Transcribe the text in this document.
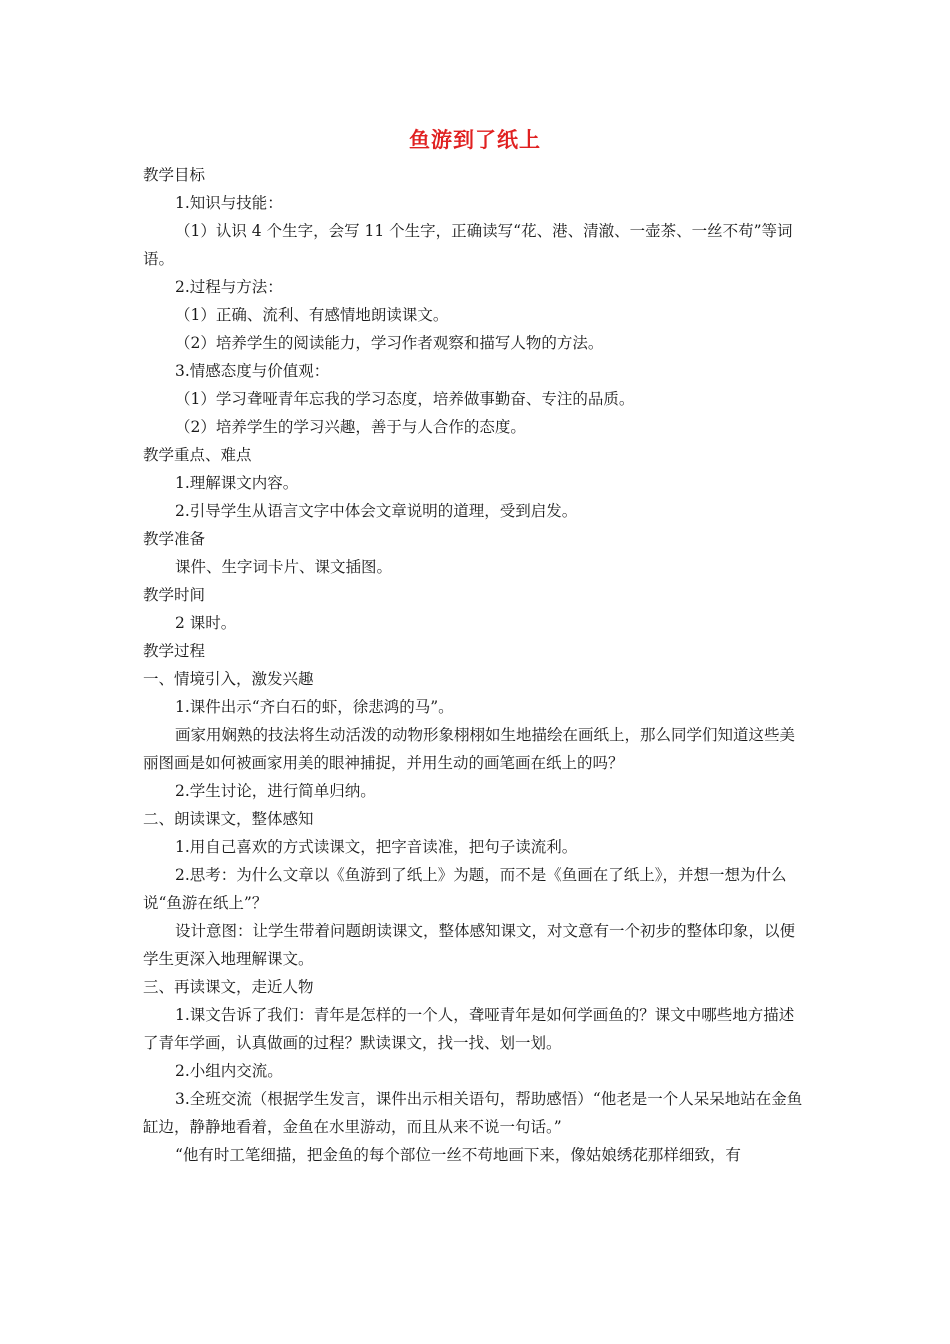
鱼游到了纸上

教学目标

1.知识与技能：

（1）认识 4 个生字，会写 11 个生字，正确读写“花、港、清澈、一壶茶、一丝不苟”等词语。

2.过程与方法：

（1）正确、流利、有感情地朗读课文。

（2）培养学生的阅读能力，学习作者观察和描写人物的方法。

3.情感态度与价值观：

（1）学习聋哑青年忘我的学习态度，培养做事勤奋、专注的品质。

（2）培养学生的学习兴趣，善于与人合作的态度。

教学重点、难点

1.理解课文内容。

2.引导学生从语言文字中体会文章说明的道理，受到启发。

教学准备

课件、生字词卡片、课文插图。

教学时间

2 课时。

教学过程

一、情境引入，激发兴趣

1.课件出示“齐白石的虾，徐悲鸿的马”。

画家用娴熟的技法将生动活泼的动物形象栩栩如生地描绘在画纸上，那么同学们知道这些美丽图画是如何被画家用美的眼神捕捉，并用生动的画笔画在纸上的吗？

2.学生讨论，进行简单归纳。

二、朗读课文，整体感知

1.用自己喜欢的方式读课文，把字音读准，把句子读流利。

2.思考：为什么文章以《鱼游到了纸上》为题，而不是《鱼画在了纸上》，并想一想为什么说“鱼游在纸上”？

设计意图：让学生带着问题朗读课文，整体感知课文，对文意有一个初步的整体印象，以便学生更深入地理解课文。

三、再读课文，走近人物

1.课文告诉了我们：青年是怎样的一个人，聋哑青年是如何学画鱼的？课文中哪些地方描述了青年学画，认真做画的过程？默读课文，找一找、划一划。

2.小组内交流。

3.全班交流（根据学生发言，课件出示相关语句，帮助感悟）“他老是一个人呆呆地站在金鱼缸边，静静地看着，金鱼在水里游动，而且从来不说一句话。”

“他有时工笔细描，把金鱼的每个部位一丝不苟地画下来，像姑娘绣花那样细致，有
